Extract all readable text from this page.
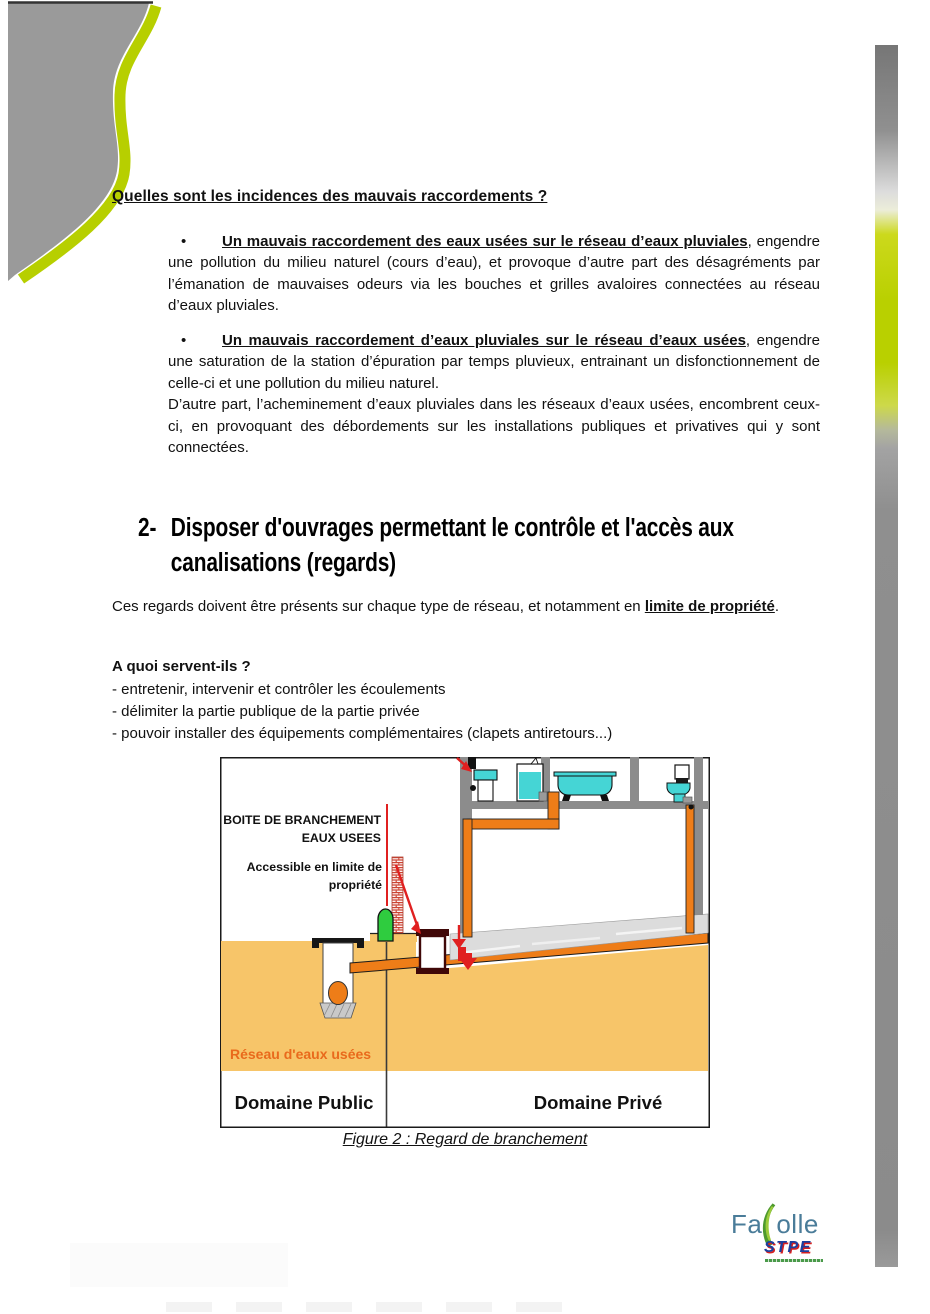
Quelles sont les incidences des mauvais raccordements ?

• Un mauvais raccordement des eaux usées sur le réseau d’eaux pluviales, engendre une pollution du milieu naturel (cours d’eau), et provoque d’autre part des désagréments par l’émanation de mauvaises odeurs via les bouches et grilles avaloires connectées au réseau d’eaux pluviales.

• Un mauvais raccordement d’eaux pluviales sur le réseau d’eaux usées, engendre une saturation de la station d’épuration par temps pluvieux, entrainant un disfonctionnement de celle-ci et une pollution du milieu naturel.

D’autre part, l’acheminement d’eaux pluviales dans les réseaux d’eaux usées, encombrent ceux-ci, en provoquant des débordements sur les installations publiques et privatives qui y sont connectées.

2- Disposer d'ouvrages permettant le contrôle et l'accès aux
canalisations (regards)
Ces regards doivent être présents sur chaque type de réseau, et notamment en limite de propriété.
A quoi servent-ils ?
- entretenir, intervenir et contrôler les écoulements
- délimiter la partie publique de la partie privée
- pouvoir installer des équipements complémentaires (clapets antiretours...)
BOITE DE BRANCHEMENT
EAUX USEES
Accessible en limite de
propriété
Réseau d'eaux usées
Domaine Public	Domaine Privé
Figure 2 : Regard de branchement
Fa olle
STPE
